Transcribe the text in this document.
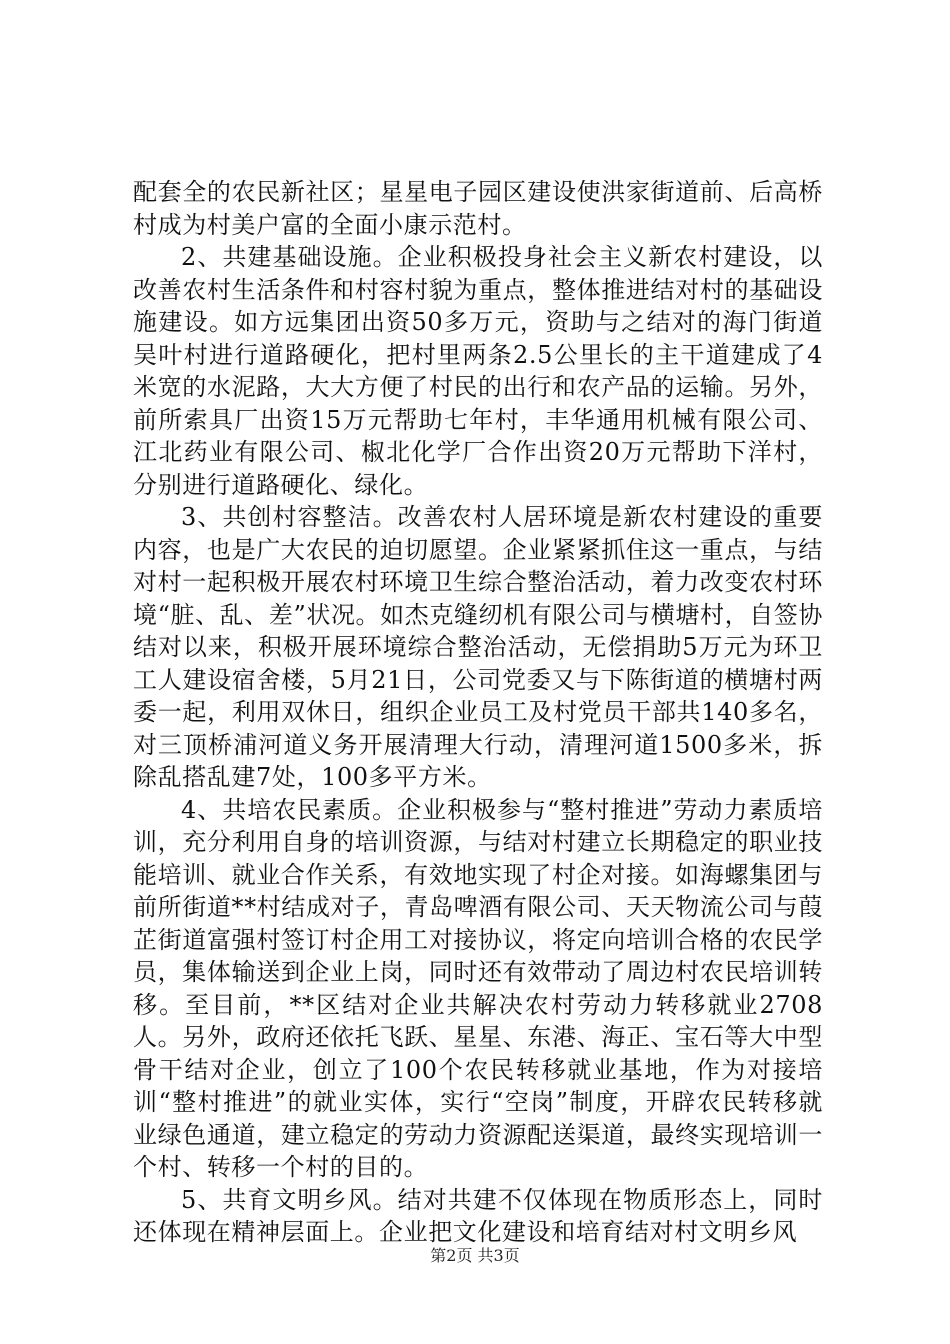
配套全的农民新社区；星星电子园区建设使洪家街道前、后高桥村成为村美户富的全面小康示范村。

2、共建基础设施。企业积极投身社会主义新农村建设，以改善农村生活条件和村容村貌为重点，整体推进结对村的基础设施建设。如方远集团出资50多万元，资助与之结对的海门街道吴叶村进行道路硬化，把村里两条2.5公里长的主干道建成了4米宽的水泥路，大大方便了村民的出行和农产品的运输。另外，前所索具厂出资15万元帮助七年村，丰华通用机械有限公司、江北药业有限公司、椒北化学厂合作出资20万元帮助下洋村，分别进行道路硬化、绿化。

3、共创村容整洁。改善农村人居环境是新农村建设的重要内容，也是广大农民的迫切愿望。企业紧紧抓住这一重点，与结对村一起积极开展农村环境卫生综合整治活动，着力改变农村环境“脏、乱、差”状况。如杰克缝纫机有限公司与横塘村，自签协结对以来，积极开展环境综合整治活动，无偿捐助5万元为环卫工人建设宿舍楼，5月21日，公司党委又与下陈街道的横塘村两委一起，利用双休日，组织企业员工及村党员干部共140多名，对三顶桥浦河道义务开展清理大行动，清理河道1500多米，拆除乱搭乱建7处，100多平方米。

4、共培农民素质。企业积极参与“整村推进”劳动力素质培训，充分利用自身的培训资源，与结对村建立长期稳定的职业技能培训、就业合作关系，有效地实现了村企对接。如海螺集团与前所街道**村结成对子，青岛啤酒有限公司、天天物流公司与葭芷街道富强村签订村企用工对接协议，将定向培训合格的农民学员，集体输送到企业上岗，同时还有效带动了周边村农民培训转移。至目前，**区结对企业共解决农村劳动力转移就业2708人。另外，政府还依托飞跃、星星、东港、海正、宝石等大中型骨干结对企业，创立了100个农民转移就业基地，作为对接培训“整村推进”的就业实体，实行“空岗”制度，开辟农民转移就业绿色通道，建立稳定的劳动力资源配送渠道，最终实现培训一个村、转移一个村的目的。

5、共育文明乡风。结对共建不仅体现在物质形态上，同时还体现在精神层面上。企业把文化建设和培育结对村文明乡风

第2页 共3页
